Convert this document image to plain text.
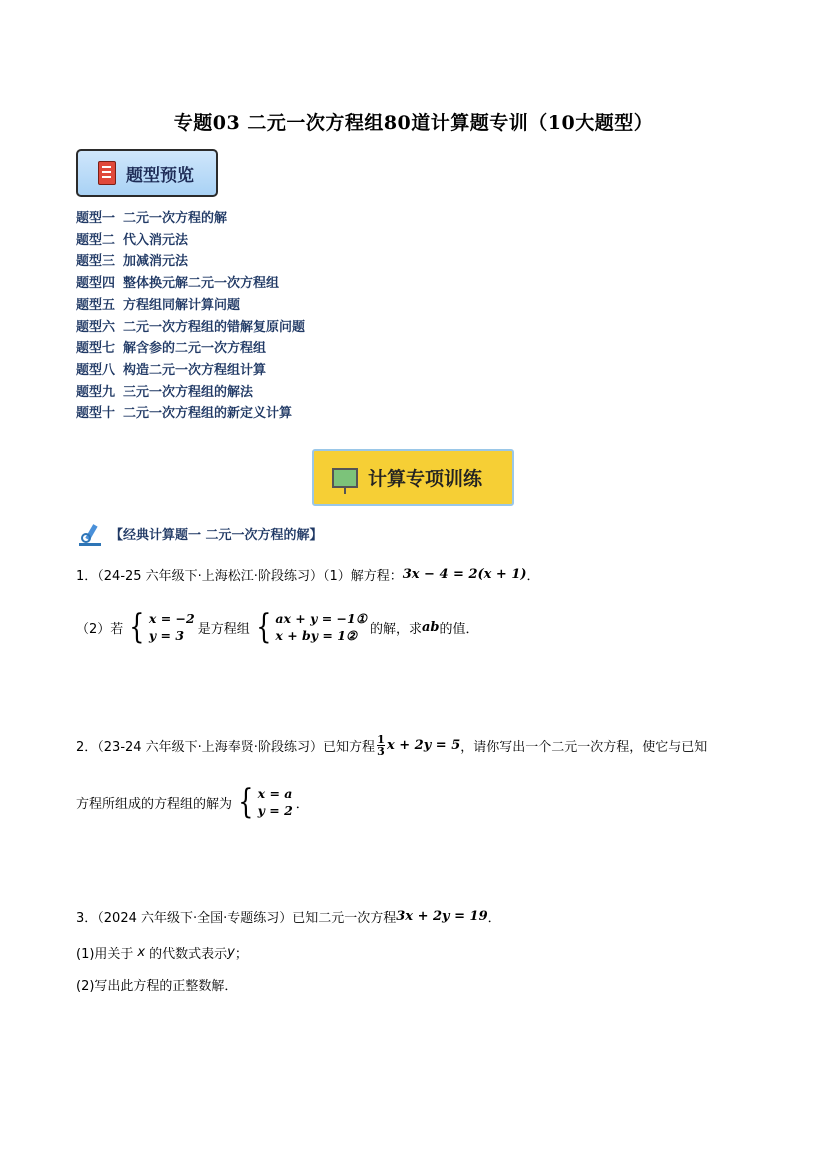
专题03 二元一次方程组80道计算题专训（10大题型）
题型预览
题型一 二元一次方程的解
题型二 代入消元法
题型三 加减消元法
题型四 整体换元解二元一次方程组
题型五 方程组同解计算问题
题型六 二元一次方程组的错解复原问题
题型七 解含参的二元一次方程组
题型八 构造二元一次方程组计算
题型九 三元一次方程组的解法
题型十 二元一次方程组的新定义计算
计算专项训练
【经典计算题一 二元一次方程的解】
1．（24-25 六年级下·上海松江·阶段练习）（1）解方程： 3x − 4 = 2(x + 1) ．
（2）若 { x = −2
y = 3	是方程组 { ax + y = −1①
x + by = 1② 的解，求 ab 的值．
2．（23-24 六年级下·上海奉贤·阶段练习）已知方程 $\frac{1}{3}$ x + 2y = 5 ，请你写出一个二元一次方程，使它与已知
方程所组成的方程组的解为 { x = a
y = 2 ．
3．（2024 六年级下·全国·专题练习）已知二元一次方程 3x + 2y = 19 ．
(1)用关于 x 的代数式表示 y ；
(2)写出此方程的正整数解．
